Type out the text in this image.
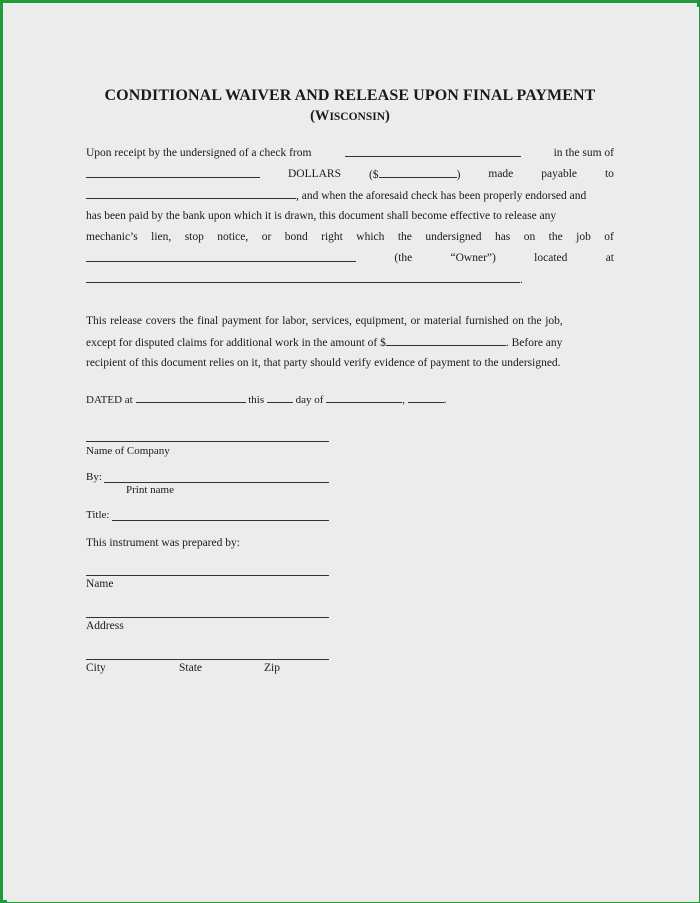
CONDITIONAL WAIVER AND RELEASE UPON FINAL PAYMENT
(WISCONSIN)
Upon receipt by the undersigned of a check from	in the sum of
DOLLARS ($	) made payable to
, and when the aforesaid check has been properly endorsed and
has been paid by the bank upon which it is drawn, this document shall become effective to release any
mechanic’s lien, stop notice, or bond right which the undersigned has on the job of
(the	“Owner”)	located	at
.
This release covers the final payment for labor, services, equipment, or material furnished on the job,
except for disputed claims for additional work in the amount of $	. Before any
recipient of this document relies on it, that party should verify evidence of payment to the undersigned.
DATED at	this	day of	,	.
Name of Company
By:
Print name
Title:
This instrument was prepared by:
Name
Address
City	State	Zip
